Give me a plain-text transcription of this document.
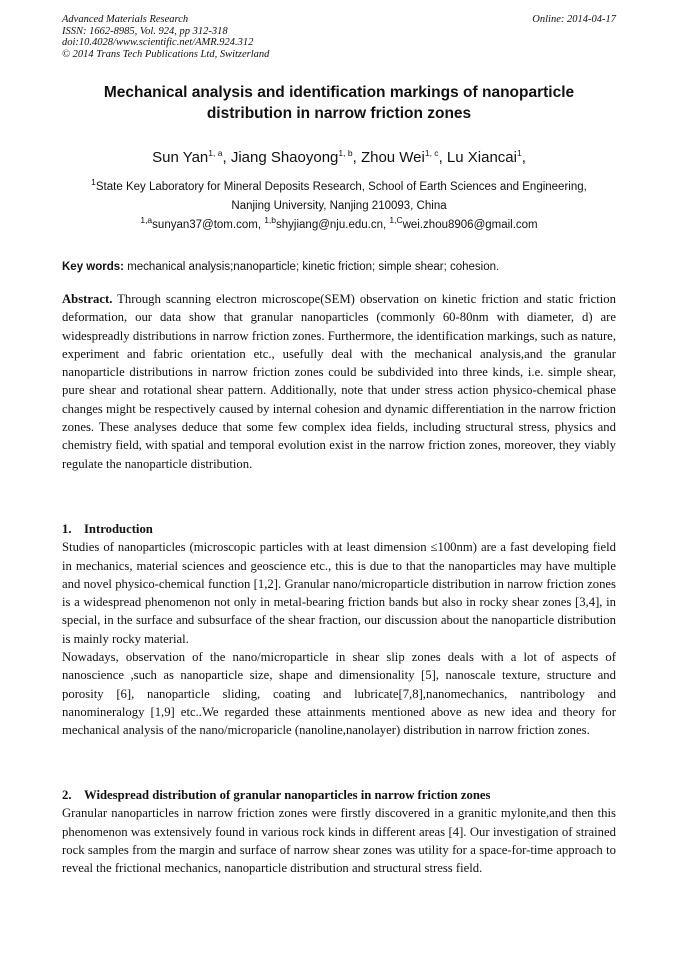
Advanced Materials Research
ISSN: 1662-8985, Vol. 924, pp 312-318
doi:10.4028/www.scientific.net/AMR.924.312
© 2014 Trans Tech Publications Ltd, Switzerland
Online: 2014-04-17
Mechanical analysis and identification markings of nanoparticle
distribution in narrow friction zones
Sun Yan$^{1, a}$, Jiang Shaoyong$^{1, b}$, Zhou Wei$^{1, c}$, Lu Xiancai$^1$,
$^1$State Key Laboratory for Mineral Deposits Research, School of Earth Sciences and Engineering,
Nanjing University, Nanjing 210093, China
$^{1,a}$sunyan37@tom.com, $^{1,b}$shyjiang@nju.edu.cn, $^{1,C}$wei.zhou8906@gmail.com
Key words: mechanical analysis;nanoparticle; kinetic friction; simple shear; cohesion.
Abstract. Through scanning electron microscope(SEM) observation on kinetic friction and static friction deformation, our data show that granular nanoparticles (commonly 60-80nm with diameter, d) are widespreadly distributions in narrow friction zones. Furthermore, the identification markings, such as nature, experiment and fabric orientation etc., usefully deal with the mechanical analysis,and the granular nanoparticle distributions in narrow friction zones could be subdivided into three kinds, i.e. simple shear, pure shear and rotational shear pattern. Additionally, note that under stress action physico-chemical phase changes might be respectively caused by internal cohesion and dynamic differentiation in the narrow friction zones. These analyses deduce that some few complex idea fields, including structural stress, physics and chemistry field, with spatial and temporal evolution exist in the narrow friction zones, moreover, they viably regulate the nanoparticle distribution.
1. Introduction

Studies of nanoparticles (microscopic particles with at least dimension ≤100nm) are a fast developing field in mechanics, material sciences and geoscience etc., this is due to that the nanoparticles may have multiple and novel physico-chemical function [1,2]. Granular nano/microparticle distribution in narrow friction zones is a widespread phenomenon not only in metal-bearing friction bands but also in rocky shear zones [3,4], in special, in the surface and subsurface of the shear fraction, our discussion about the nanoparticle distribution is mainly rocky material.

Nowadays, observation of the nano/microparticle in shear slip zones deals with a lot of aspects of nanoscience ,such as nanoparticle size, shape and dimensionality [5], nanoscale texture, structure and porosity [6], nanoparticle sliding, coating and lubricate[7,8],nanomechanics, nantribology and nanomineralogy [1,9] etc..We regarded these attainments mentioned above as new idea and theory for mechanical analysis of the nano/microparicle (nanoline,nanolayer) distribution in narrow friction zones.

2. Widespread distribution of granular nanoparticles in narrow friction zones

Granular nanoparticles in narrow friction zones were firstly discovered in a granitic mylonite,and then this phenomenon was extensively found in various rock kinds in different areas [4]. Our investigation of strained rock samples from the margin and surface of narrow shear zones was utility for a space-for-time approach to reveal the frictional mechanics, nanoparticle distribution and structural stress field.
